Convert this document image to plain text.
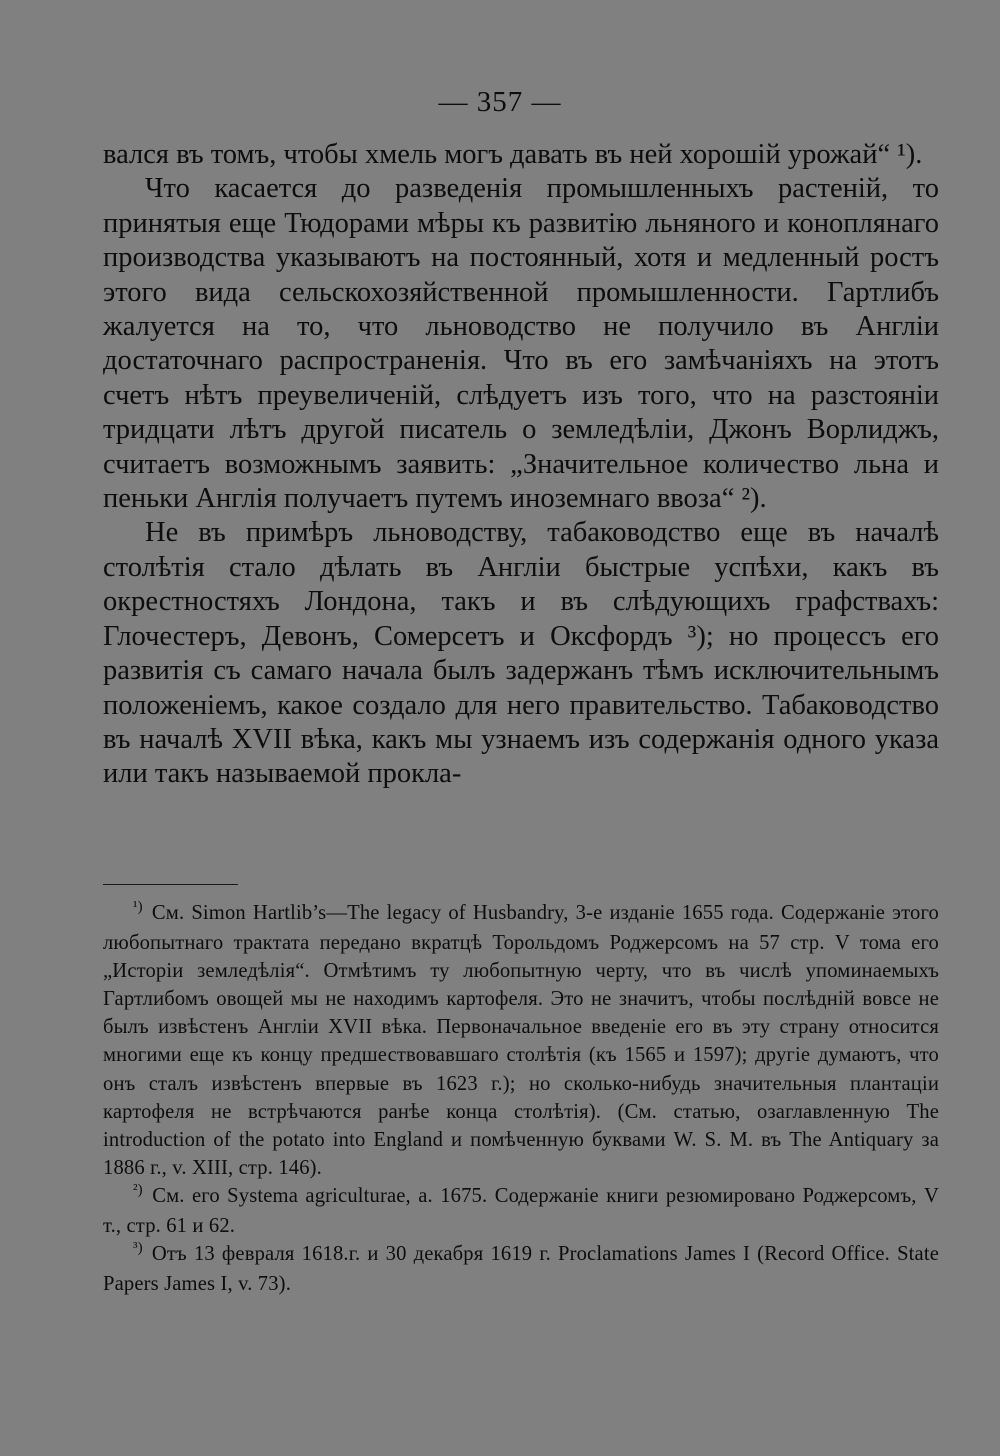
— 357 —

вался въ томъ, чтобы хмель могъ давать въ ней хорошій урожай“ ¹).

Что касается до разведенія промышленныхъ растеній, то принятыя еще Тюдорами мѣры къ развитію льняного и конoплянаго производства указываютъ на постоянный, хотя и медленный ростъ этого вида сельскохозяйственной промышленности. Гартлибъ жалуется на то, что льноводство не получило въ Англіи достаточнаго распространенія. Что въ его замѣчаніяхъ на этотъ счетъ нѣтъ преувеличеній, слѣдуетъ изъ того, что на разстояніи тридцати лѣтъ другой писатель о земледѣліи, Джонъ Ворлиджъ, считаетъ возможнымъ заявить: „Значительное количество льна и пеньки Англія получаетъ путемъ иноземнаго ввоза“ ²).

Не въ примѣръ льноводству, табаководство еще въ началѣ столѣтія стало дѣлать въ Англіи быстрые успѣхи, какъ въ окрестностяхъ Лондона, такъ и въ слѣдующихъ графствахъ: Глочестеръ, Девонъ, Сомерсетъ и Оксфордъ ³); но процессъ его развитія съ самаго начала былъ задержанъ тѣмъ исключительнымъ положеніемъ, какое создало для него правительство. Табаководство въ началѣ XVII вѣка, какъ мы узнаемъ изъ содержанія одного указа или такъ называемой прокла-

$^{^1)}$ См. Simon Hartlib’s—The legacy of Husbandry, 3-е изданіе 1655 года. Содержаніе этого любопытнаго трактата передано вкратцѣ Торольдомъ Роджерсомъ на 57 стр. V тома его „Исторіи земледѣлія“. Отмѣтимъ ту любопытную черту, что въ числѣ упоминаемыхъ Гартлибомъ овощей мы не находимъ картофеля. Это не значитъ, чтобы послѣдній вовсе не былъ извѣстенъ Англіи XVII вѣка. Первоначальное введеніе его въ эту страну относится многими еще къ концу предшествовавшаго столѣтія (къ 1565 и 1597); другіе думаютъ, что онъ сталъ извѣстенъ впервые въ 1623 г.); но сколько-нибудь значительныя плантаціи картофеля не встрѣчаются ранѣе конца столѣтія). (См. статью, озаглавленную The introduction of the potato into England и помѣченную буквами W. S. M. въ The Antiquary за 1886 г., v. XIII, стр. 146).

$^{^2)}$ См. его Systema agriculturae, a. 1675. Содержаніе книги резюмировано Роджерсомъ, V т., стр. 61 и 62.

$^{^3)}$ Отъ 13 февраля 1618.г. и 30 декабря 1619 г. Proclamations James I (Record Office. State Papers James I, v. 73).
